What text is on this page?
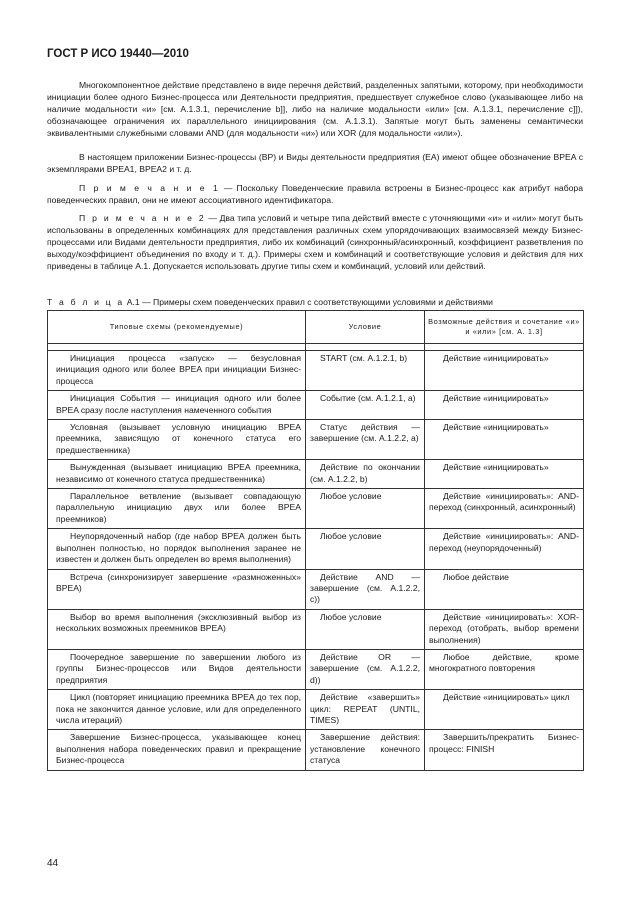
ГОСТ Р ИСО 19440—2010
Многокомпонентное действие представлено в виде перечня действий, разделенных запятыми, которому, при необходимости инициации более одного Бизнес-процесса или Деятельности предприятия, предшествует служебное слово (указывающее либо на наличие модальности «и» [см. А.1.3.1, перечисление b]], либо на наличие модальности «или» [см. А.1.3.1, перечисление c]]), обозначающее ограничения их параллельного инициирования (см. А.1.3.1). Запятые могут быть заменены семантически эквивалентными служебными словами AND (для модальности «и») или XOR (для модальности «или»).
В настоящем приложении Бизнес-процессы (BP) и Виды деятельности предприятия (EA) имеют общее обозначение BPEA с экземплярами BPEA1, BPEA2 и т. д.
П р и м е ч а н и е 1 — Поскольку Поведенческие правила встроены в Бизнес-процесс как атрибут набора поведенческих правил, они не имеют ассоциативного идентификатора.
П р и м е ч а н и е 2 — Два типа условий и четыре типа действий вместе с уточняющими «и» и «или» могут быть использованы в определенных комбинациях для представления различных схем упорядочивающих взаимосвязей между Бизнес-процессами или Видами деятельности предприятия, либо их комбинаций (синхронный/асинхронный, коэффициент разветвления по выходу/коэффициент объединения по входу и т. д.). Примеры схем и комбинаций и соответствующие условия и действия для них приведены в таблице А.1. Допускается использовать другие типы схем и комбинаций, условий или действий.
Т а б л и ц а А.1 — Примеры схем поведенческих правил с соответствующими условиями и действиями
Типовые схемы (рекомендуемые)	Условие	Возможные действия и сочетание «и» и «или» [см. А. 1.3]

Инициация процесса «запуск» — безусловная инициация одного или более BPEA при инициации Бизнес-процесса	START (см. А.1.2.1, b)	Действие «инициировать»
Инициация События — инициация одного или более BPEA сразу после наступления намеченного события	Событие (см. А.1.2.1, а)	Действие «инициировать»
Условная (вызывает условную инициацию BPEA преемника, зависящую от конечного статуса его предшественника)	Статус действия — завершение (см. А.1.2.2, а)	Действие «инициировать»
Вынужденная (вызывает инициацию BPEA преемника, независимо от конечного статуса предшественника)	Действие по окончании (см. А.1.2.2, b)	Действие «инициировать»
Параллельное ветвление (вызывает совпадающую параллельную инициацию двух или более BPEA преемников)	Любое условие	Действие «инициировать»: AND-переход (синхронный, асинхронный)
Неупорядоченный набор (где набор BPEA должен быть выполнен полностью, но порядок выполнения заранее не известен и должен быть определен во время выполнения)	Любое условие	Действие «инициировать»: AND-переход (неупорядоченный)
Встреча (синхронизирует завершение «размноженных» BPEA)	Действие AND — завершение (см. А.1.2.2, c))	Любое действие
Выбор во время выполнения (эксклюзивный выбор из нескольких возможных преемников BPEA)	Любое условие	Действие «инициировать»: XOR-переход (отобрать, выбор времени выполнения)
Поочередное завершение по завершении любого из группы Бизнес-процессов или Видов деятельности предприятия	Действие OR — завершение (см. А.1.2.2, d))	Любое действие, кроме многократного повторения
Цикл (повторяет инициацию преемника BPEA до тех пор, пока не закончится данное условие, или для определенного числа итераций)	Действие «завершить» цикл: REPEAT (UNTIL, TIMES)	Действие «инициировать» цикл
Завершение Бизнес-процесса, указывающее конец выполнения набора поведенческих правил и прекращение Бизнес-процесса	Завершение действия: установление конечного статуса	Завершить/прекратить Бизнес-процесс: FINISH
44
